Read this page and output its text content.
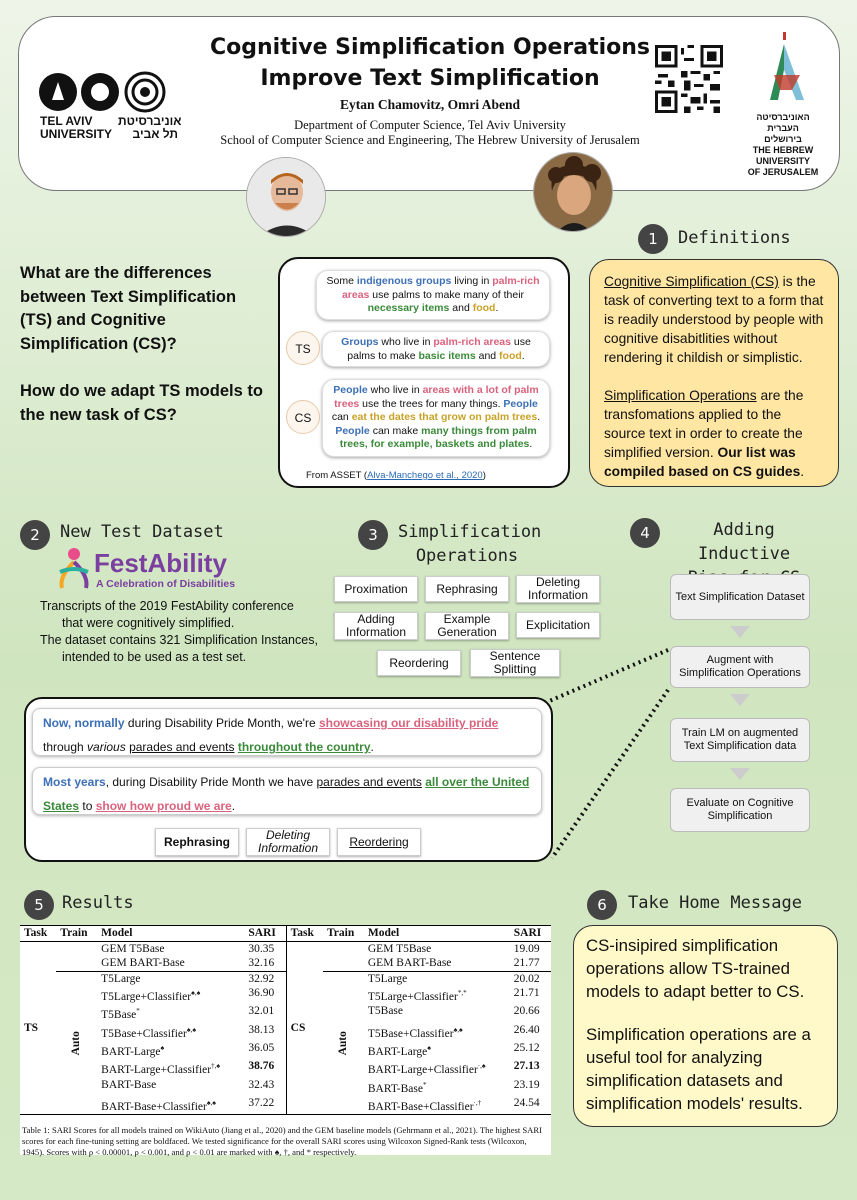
Cognitive Simplification Operations
Improve Text Simplification
Eytan Chamovitz, Omri Abend
Department of Computer Science, Tel Aviv University
School of Computer Science and Engineering, The Hebrew University of Jerusalem
TEL AVIV
UNIVERSITY
אוניברסיטת
תל אביב
האוניברסיטה
העברית
בירושלים
THE HEBREW
UNIVERSITY
OF JERUSALEM
1	Definitions
What are the differences between Text Simplification (TS) and Cognitive Simplification (CS)?
How do we adapt TS models to the new task of CS?
Some indigenous groups living in palm-rich areas use palms to make many of their necessary items and food.
TS	Groups who live in palm-rich areas use palms to make basic items and food.
CS
People who live in areas with a lot of palm trees use the trees for many things. People can eat the dates that grow on palm trees. People can make many things from palm trees, for example, baskets and plates.
From ASSET (Alva-Manchego et al., 2020)
Cognitive Simplification (CS) is the task of converting text to a form that is readily understood by people with cognitive disabitlities without rendering it childish or simplistic.
Simplification Operations are the transfomations applied to the source text in order to create the simplified version. Our list was compiled based on CS guides.
2	New Test Dataset
FestAbility
A Celebration of Disabilities
Transcripts of the 2019 FestAbility conference
that were cognitively simplified.
The dataset contains 321 Simplification Instances,
intended to be used as a test set.
3	Simplification
Operations
Proximation Rephrasing	Deleting
Information
Adding
Information
Example
Generation
Explicitation
Reordering	Sentence
Splitting
4	Adding Inductive
Text Simplification Dataset
Augment with Simplification Operations
Train LM on augmented Text Simplification data
Evaluate on Cognitive Simplification
Now, normally during Disability Pride Month, we're showcasing our disability pride through various parades and events throughout the country.
Most years, during Disability Pride Month we have parades and events all over the United States to show how proud we are.
Rephrasing	Deleting Information	Reordering
5	Results
Task	Train	Model	SARI	Task	Train	Model	SARI
TS		GEM T5Base	30.35	CS		GEM T5Base	19.09
		GEM BART-Base	32.16			GEM BART-Base	21.77

	Auto	T5Large	32.92		Auto	T5Large	20.02
		T5Large+Classifier♠,♠	36.90			T5Large+Classifier*,*	21.71
		T5Base*	32.01			T5Base	20.66
		T5Base+Classifier♠,♠	38.13			T5Base+Classifier♠,♠	26.40
		BART-Large♠	36.05			BART-Large♠	25.12
		BART-Large+Classifier†,♠	38.76			BART-Large+Classifier·,♠	27.13
		BART-Base	32.43			BART-Base*	23.19
		BART-Base+Classifier♠,♠	37.22			BART-Base+Classifier·,†	24.54
Table 1: SARI Scores for all models trained on WikiAuto (Jiang et al., 2020) and the GEM baseline models (Gehrmann et al., 2021). The highest SARI scores for each fine-tuning setting are boldfaced. We tested significance for the overall SARI scores using Wilcoxon Signed-Rank tests (Wilcoxon, 1945). Scores with ρ < 0.00001, ρ < 0.001, and ρ < 0.01 are marked with ♠, †, and * respectively.
6	Take Home Message
CS-insipired simplification operations allow TS-trained models to adapt better to CS.
Simplification operations are a useful tool for analyzing simplification datasets and simplification models' results.
